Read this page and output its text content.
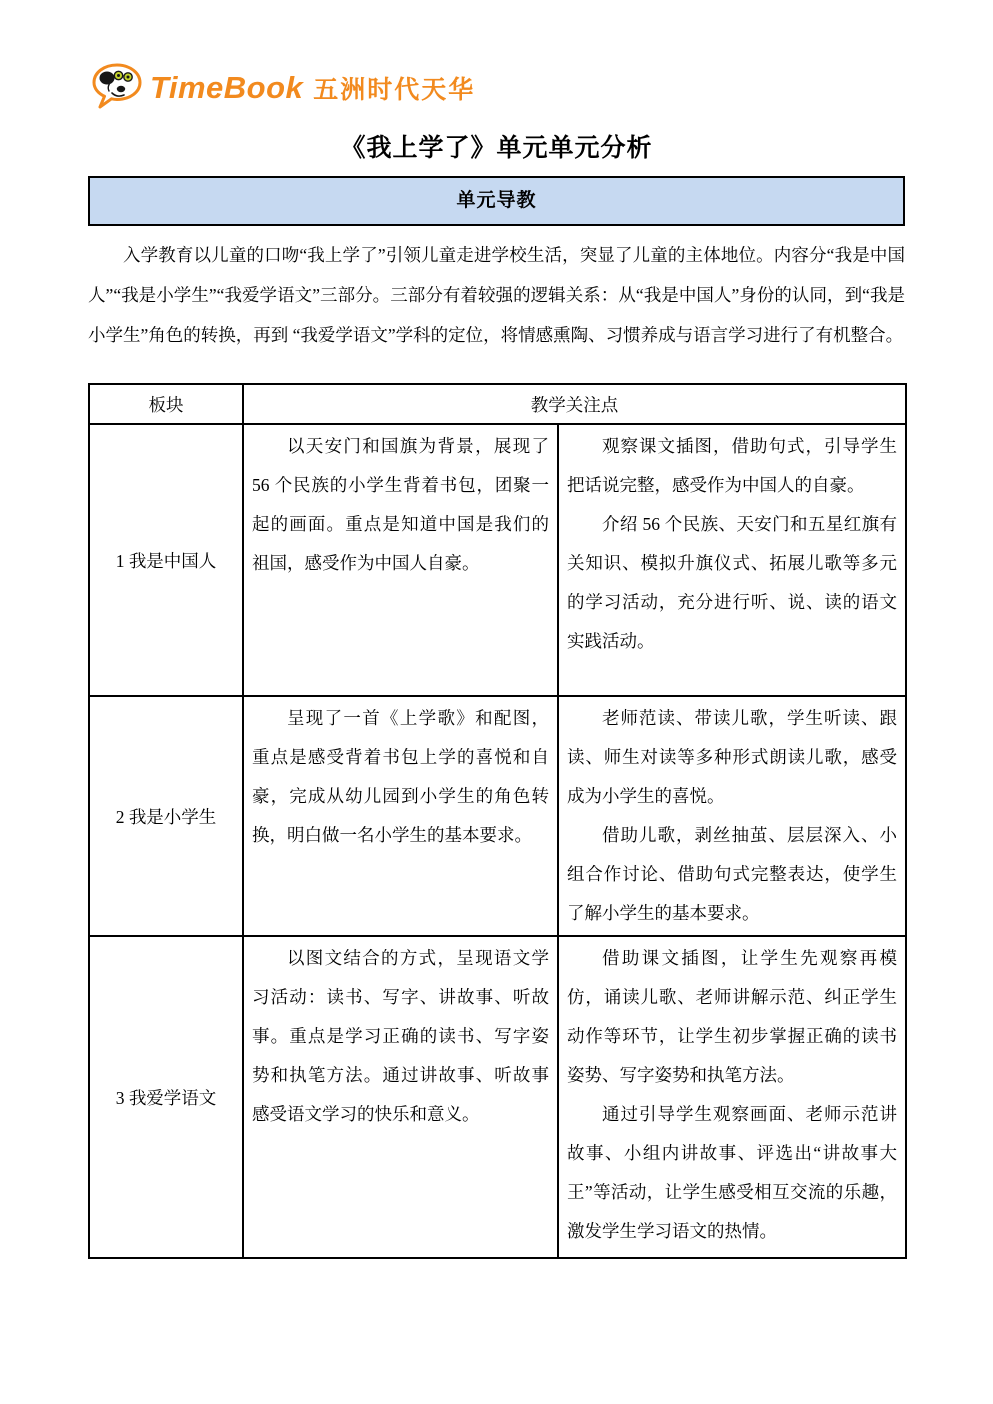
TimeBook 五洲时代天华
《我上学了》单元单元分析
单元导教

入学教育以儿童的口吻“我上学了”引领儿童走进学校生活，突显了儿童的主体地位。内容分“我是中国人”“我是小学生”“我爱学语文”三部分。三部分有着较强的逻辑关系：从“我是中国人”身份的认同，到“我是小学生”角色的转换，再到 “我爱学语文”学科的定位，将情感熏陶、习惯养成与语言学习进行了有机整合。

板块	教学关注点	
1 我是中国人	以天安门和国旗为背景，展现了 56 个民族的小学生背着书包，团聚一起的画面。重点是知道中国是我们的祖国，感受作为中国人自豪。	观察课文插图，借助句式，引导学生把话说完整，感受作为中国人的自豪。

介绍 56 个民族、天安门和五星红旗有关知识、模拟升旗仪式、拓展儿歌等多元的学习活动，充分进行听、说、读的语文实践活动。

2 我是小学生	呈现了一首《上学歌》和配图，重点是感受背着书包上学的喜悦和自豪，完成从幼儿园到小学生的角色转换，明白做一名小学生的基本要求。	老师范读、带读儿歌，学生听读、跟读、师生对读等多种形式朗读儿歌，感受成为小学生的喜悦。

借助儿歌，剥丝抽茧、层层深入、小组合作讨论、借助句式完整表达，使学生了解小学生的基本要求。

3 我爱学语文	以图文结合的方式，呈现语文学习活动：读书、写字、讲故事、听故事。重点是学习正确的读书、写字姿势和执笔方法。通过讲故事、听故事感受语文学习的快乐和意义。	借助课文插图，让学生先观察再模仿，诵读儿歌、老师讲解示范、纠正学生动作等环节，让学生初步掌握正确的读书姿势、写字姿势和执笔方法。

通过引导学生观察画面、老师示范讲故事、小组内讲故事、评选出“讲故事大王”等活动，让学生感受相互交流的乐趣，激发学生学习语文的热情。
